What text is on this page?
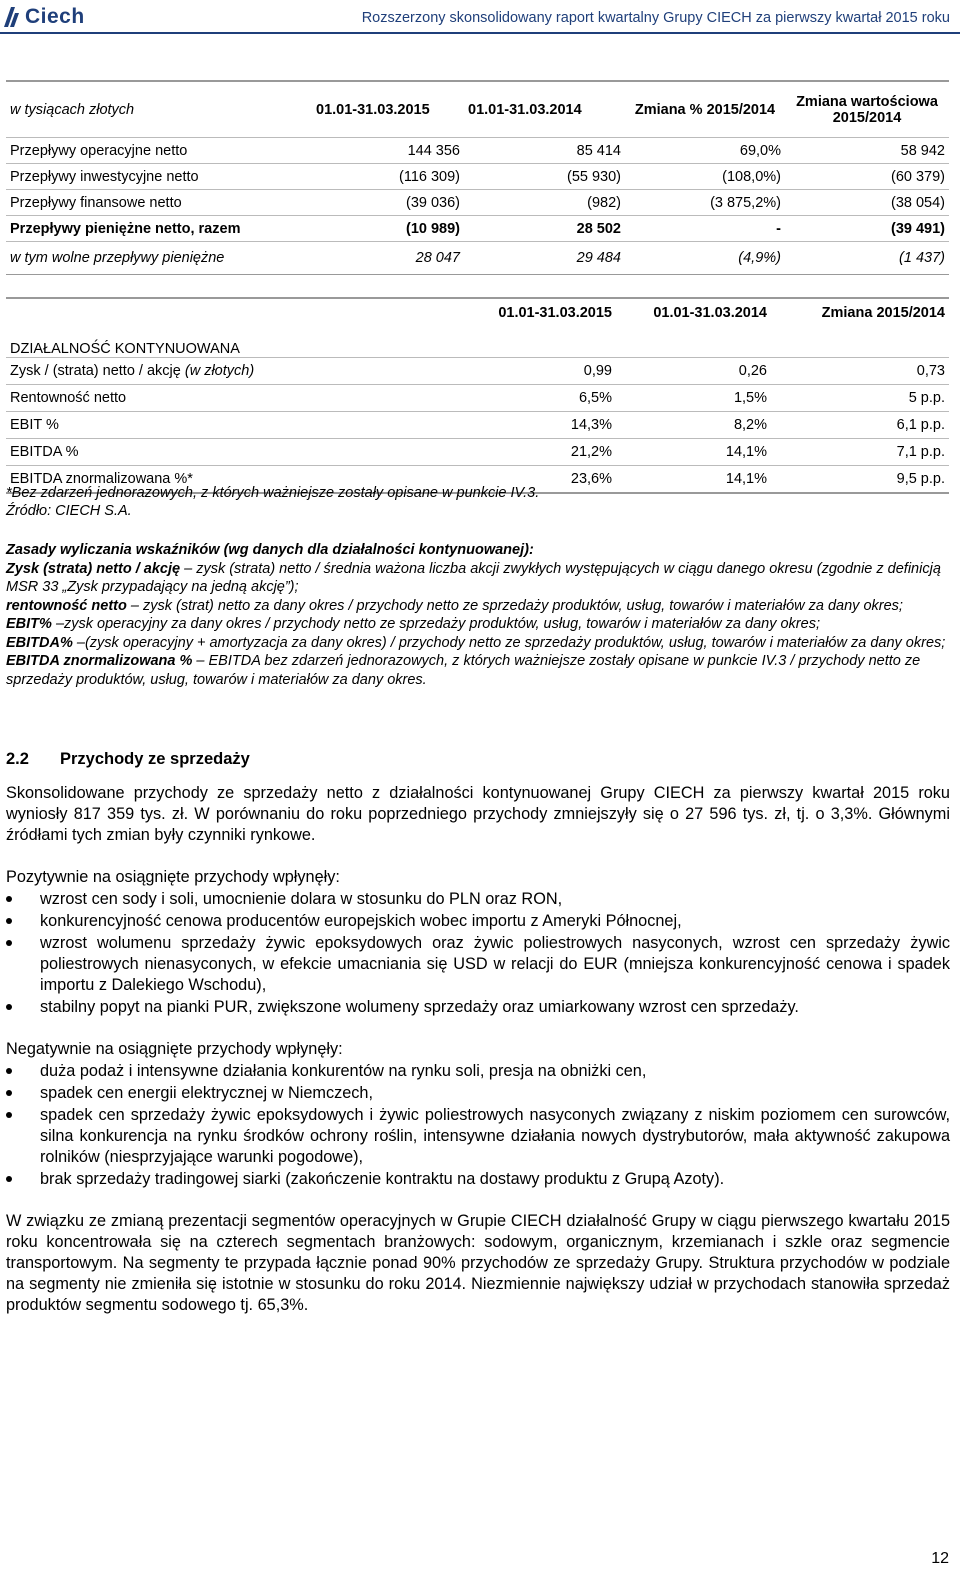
Ciech	Rozszerzony skonsolidowany raport kwartalny Grupy CIECH za pierwszy kwartał 2015 roku
w tysiącach złotych	01.01-31.03.2015	01.01-31.03.2014	Zmiana % 2015/2014	Zmiana wartościowa 2015/2014
Przepływy operacyjne netto	144 356	85 414	69,0%	58 942
Przepływy inwestycyjne netto	(116 309)	(55 930)	(108,0%)	(60 379)
Przepływy finansowe netto	(39 036)	(982)	(3 875,2%)	(38 054)
Przepływy pieniężne netto, razem	(10 989)	28 502	-	(39 491)
w tym wolne przepływy pieniężne	28 047	29 484	(4,9%)	(1 437)
	01.01-31.03.2015	01.01-31.03.2014	Zmiana 2015/2014
DZIAŁALNOŚĆ KONTYNUOWANA			
Zysk / (strata) netto / akcję (w złotych)	0,99	0,26	0,73
Rentowność netto	6,5%	1,5%	5 p.p.
EBIT %	14,3%	8,2%	6,1 p.p.
EBITDA %	21,2%	14,1%	7,1 p.p.
EBITDA znormalizowana %*	23,6%	14,1%	9,5 p.p.
*Bez zdarzeń jednorazowych, z których ważniejsze zostały opisane w punkcie IV.3.
Źródło: CIECH S.A.
Zasady wyliczania wskaźników (wg danych dla działalności kontynuowanej):
Zysk (strata) netto / akcję – zysk (strata) netto / średnia ważona liczba akcji zwykłych występujących w ciągu danego okresu (zgodnie z definicją MSR 33 „Zysk przypadający na jedną akcję”);
rentowność netto – zysk (strat) netto za dany okres / przychody netto ze sprzedaży produktów, usług, towarów i materiałów za dany okres;
EBIT% –zysk operacyjny za dany okres / przychody netto ze sprzedaży produktów, usług, towarów i materiałów za dany okres;
EBITDA% –(zysk operacyjny + amortyzacja za dany okres) / przychody netto ze sprzedaży produktów, usług, towarów i materiałów za dany okres;
EBITDA znormalizowana % – EBITDA bez zdarzeń jednorazowych, z których ważniejsze zostały opisane w punkcie IV.3 / przychody netto ze sprzedaży produktów, usług, towarów i materiałów za dany okres.
2.2 Przychody ze sprzedaży
Skonsolidowane przychody ze sprzedaży netto z działalności kontynuowanej Grupy CIECH za pierwszy kwartał 2015 roku wyniosły 817 359 tys. zł. W porównaniu do roku poprzedniego przychody zmniejszyły się o 27 596 tys. zł, tj. o 3,3%. Głównymi źródłami tych zmian były czynniki rynkowe.
Pozytywnie na osiągnięte przychody wpłynęły:
wzrost cen sody i soli, umocnienie dolara w stosunku do PLN oraz RON,
konkurencyjność cenowa producentów europejskich wobec importu z Ameryki Północnej,
wzrost wolumenu sprzedaży żywic epoksydowych oraz żywic poliestrowych nasyconych, wzrost cen sprzedaży żywic poliestrowych nienasyconych, w efekcie umacniania się USD w relacji do EUR (mniejsza konkurencyjność cenowa i spadek importu z Dalekiego Wschodu),
stabilny popyt na pianki PUR, zwiększone wolumeny sprzedaży oraz umiarkowany wzrost cen sprzedaży.
Negatywnie na osiągnięte przychody wpłynęły:
duża podaż i intensywne działania konkurentów na rynku soli, presja na obniżki cen,
spadek cen energii elektrycznej w Niemczech,
spadek cen sprzedaży żywic epoksydowych i żywic poliestrowych nasyconych związany z niskim poziomem cen surowców, silna konkurencja na rynku środków ochrony roślin, intensywne działania nowych dystrybutorów, mała aktywność zakupowa rolników (niesprzyjające warunki pogodowe),
brak sprzedaży tradingowej siarki (zakończenie kontraktu na dostawy produktu z Grupą Azoty).
W związku ze zmianą prezentacji segmentów operacyjnych w Grupie CIECH działalność Grupy w ciągu pierwszego kwartału 2015 roku koncentrowała się na czterech segmentach branżowych: sodowym, organicznym, krzemianach i szkle oraz segmencie transportowym. Na segmenty te przypada łącznie ponad 90% przychodów ze sprzedaży Grupy. Struktura przychodów w podziale na segmenty nie zmieniła się istotnie w stosunku do roku 2014. Niezmiennie największy udział w przychodach stanowiła sprzedaż produktów segmentu sodowego tj. 65,3%.
12
